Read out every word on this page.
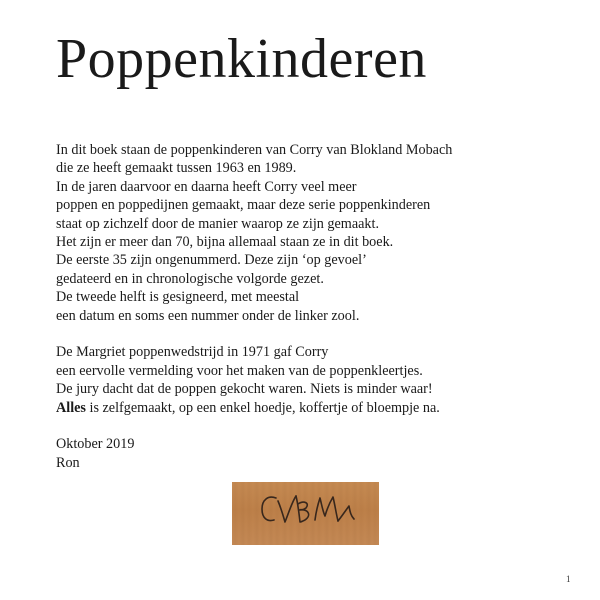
Poppenkinderen
In dit boek staan de poppenkinderen van Corry van Blokland Mobach
die ze heeft gemaakt tussen 1963 en 1989.
In de jaren daarvoor en daarna heeft Corry veel meer
poppen en poppedijnen gemaakt, maar deze serie poppenkinderen
staat op zichzelf door de manier waarop ze zijn gemaakt.
Het zijn er meer dan 70, bijna allemaal staan ze in dit boek.
De eerste 35 zijn ongenummerd. Deze zijn ‘op gevoel’
gedateerd en in chronologische volgorde gezet.
De tweede helft is gesigneerd, met meestal
een datum en soms een nummer onder de linker zool.
De Margriet poppenwedstrijd in 1971 gaf Corry
een eervolle vermelding voor het maken van de poppenkleertjes.
De jury dacht dat de poppen gekocht waren. Niets is minder waar!
Alles is zelfgemaakt, op een enkel hoedje, koffertje of bloempje na.
Oktober 2019
Ron
1
